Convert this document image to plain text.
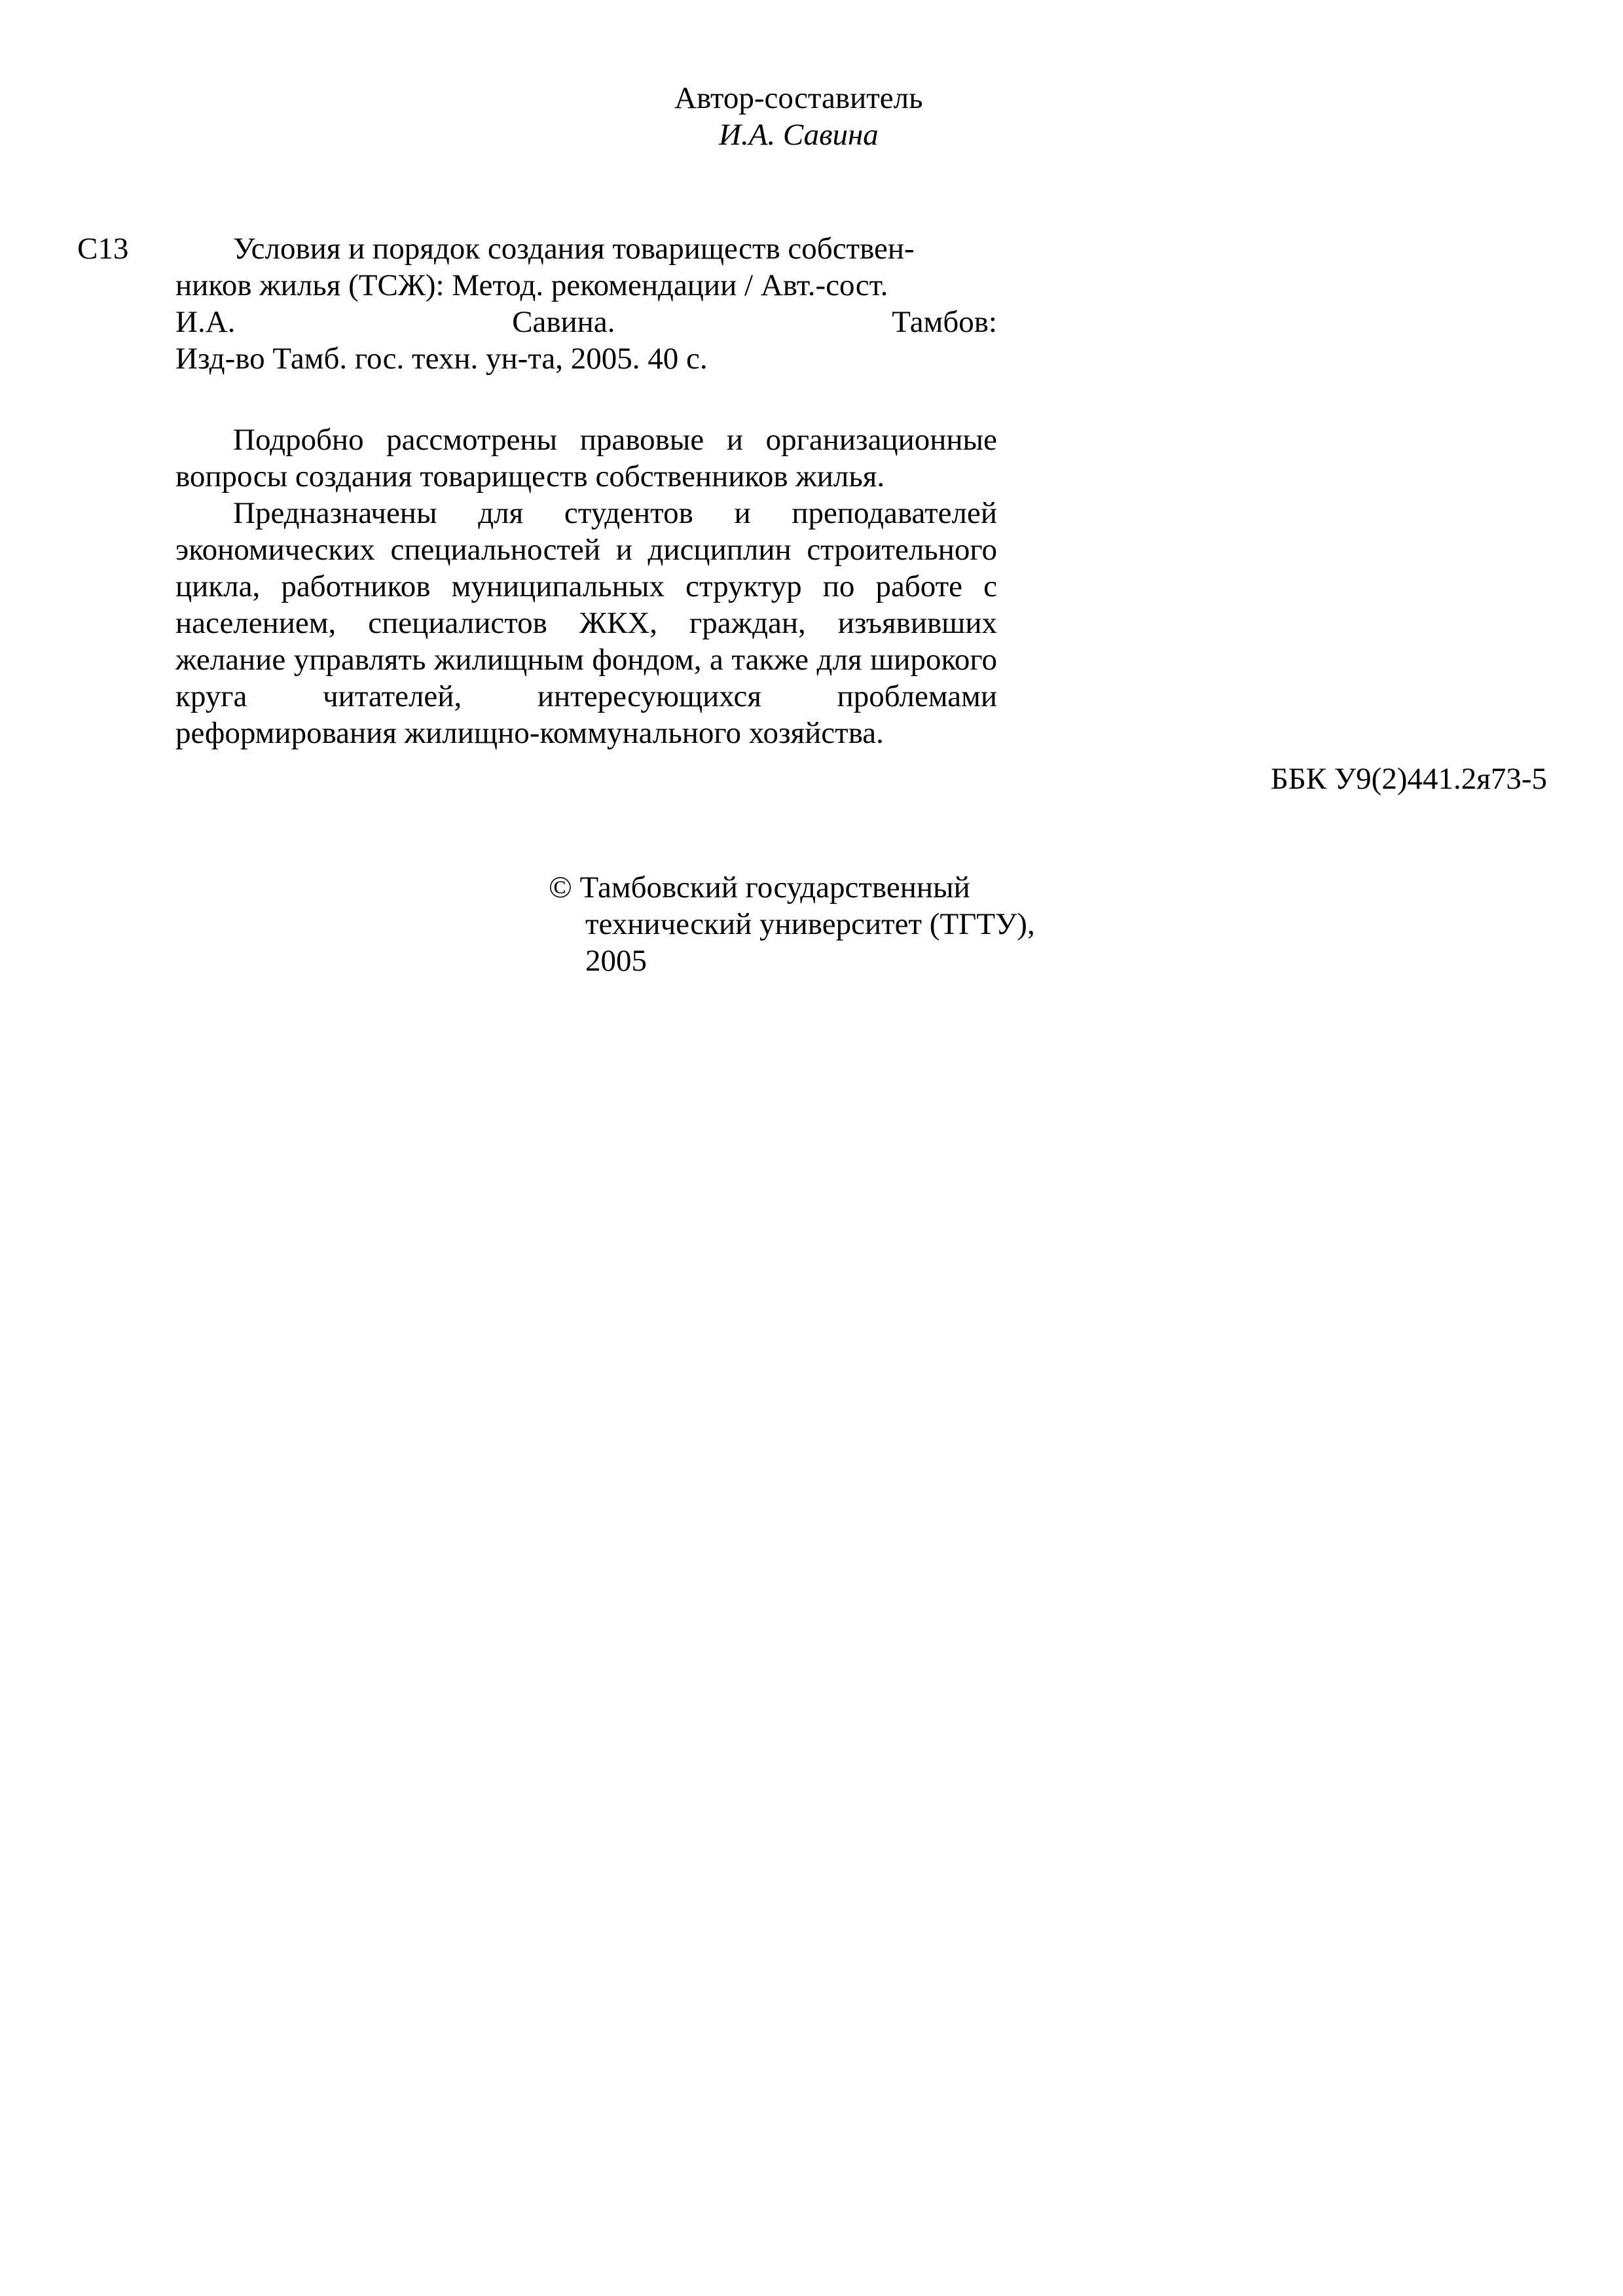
Автор-составитель
И.А. Савина
С13	Условия и порядок создания товариществ собствен-
ников жилья (ТСЖ): Метод. рекомендации / Авт.-сост.
И.А.	Савина.	Тамбов:
Изд-во Тамб. гос. техн. ун-та, 2005. 40 с.

Подробно рассмотрены правовые и организационные вопросы создания товариществ собственников жилья.

Предназначены для студентов и преподавателей экономических специальностей и дисциплин строительного цикла, работников муниципальных структур по работе с населением, специалистов ЖКХ, граждан, изъявивших желание управлять жилищным фондом, а также для широкого круга читателей, интересующихся проблемами реформирования жилищно-коммунального хозяйства.

ББК У9(2)441.2я73-5
© Тамбовский государственный
технический университет (ТГТУ),
2005
